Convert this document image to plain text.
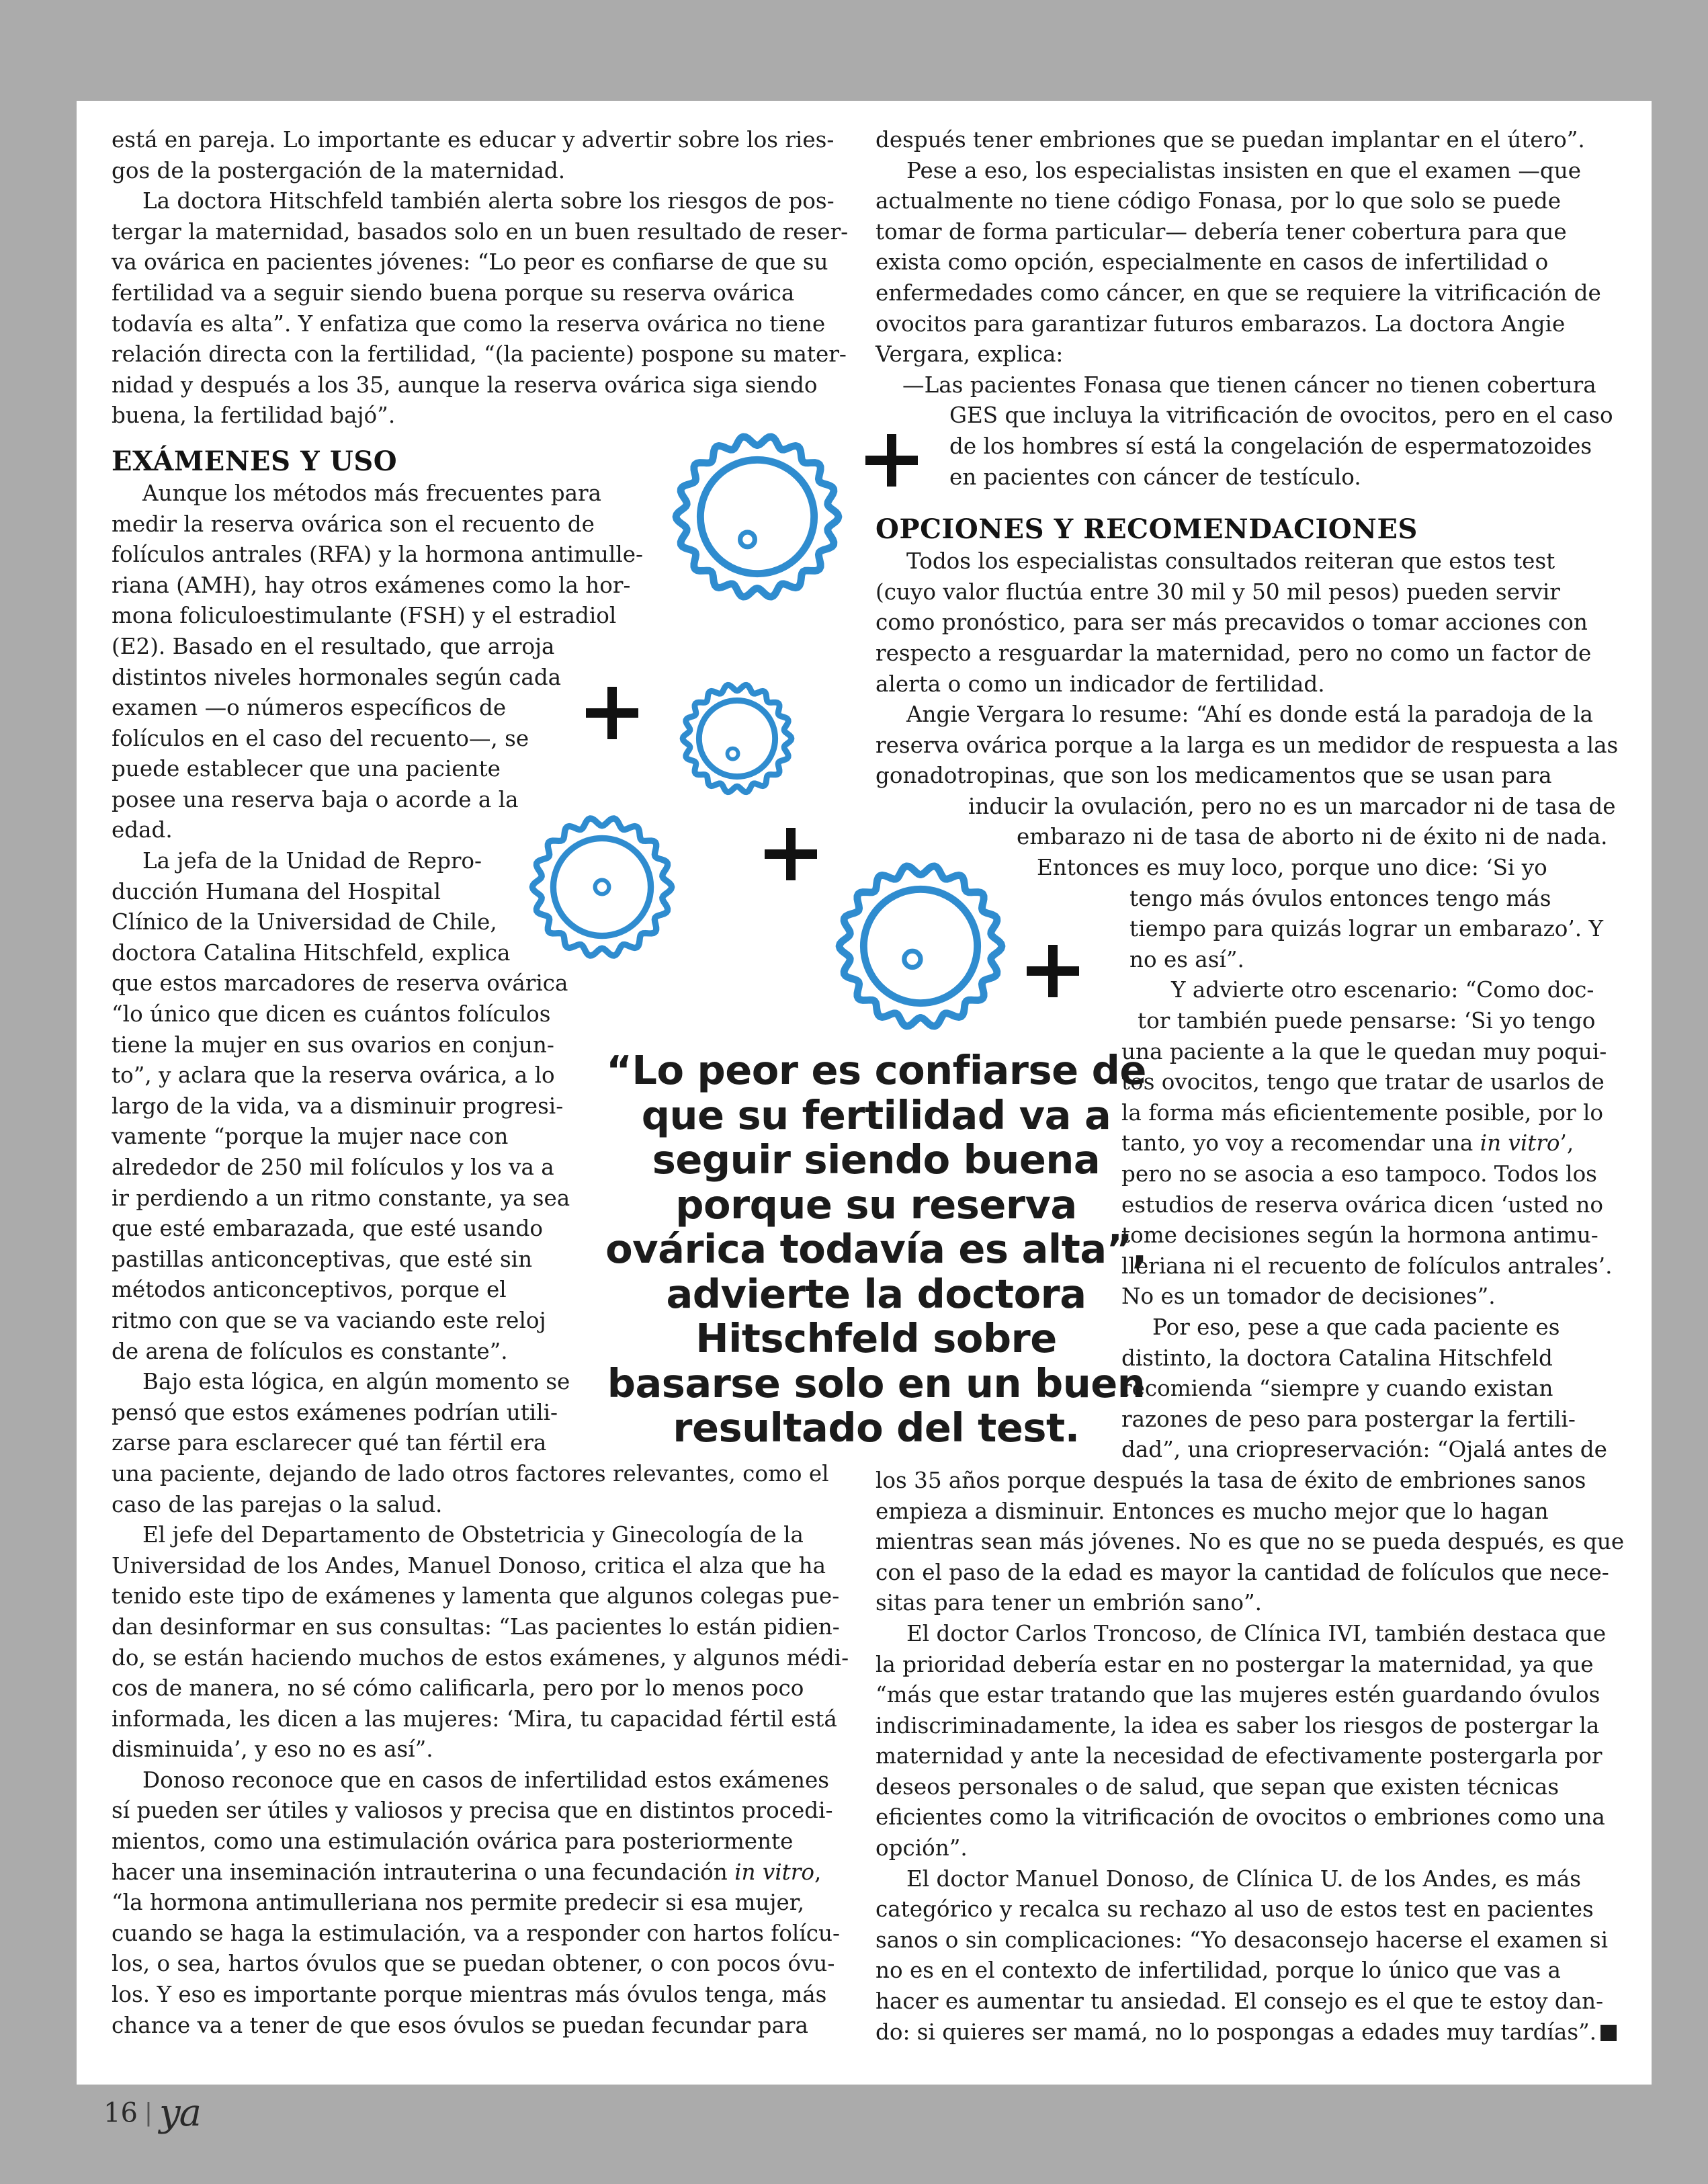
está en pareja. Lo importante es educar y advertir sobre los ries-
gos de la postergación de la maternidad.
La doctora Hitschfeld también alerta sobre los riesgos de pos-
tergar la maternidad, basados solo en un buen resultado de reser-
va ovárica en pacientes jóvenes: “Lo peor es confiarse de que su
fertilidad va a seguir siendo buena porque su reserva ovárica
todavía es alta”. Y enfatiza que como la reserva ovárica no tiene
relación directa con la fertilidad, “(la paciente) pospone su mater-
nidad y después a los 35, aunque la reserva ovárica siga siendo
buena, la fertilidad bajó”.
EXÁMENES Y USO
Aunque los métodos más frecuentes para
medir la reserva ovárica son el recuento de
folículos antrales (RFA) y la hormona antimulle-
riana (AMH), hay otros exámenes como la hor-
mona foliculoestimulante (FSH) y el estradiol
(E2). Basado en el resultado, que arroja
distintos niveles hormonales según cada
examen —o números específicos de
folículos en el caso del recuento—, se
puede establecer que una paciente
posee una reserva baja o acorde a la
edad.
La jefa de la Unidad de Repro-
ducción Humana del Hospital
Clínico de la Universidad de Chile,
doctora Catalina Hitschfeld, explica
que estos marcadores de reserva ovárica
“lo único que dicen es cuántos folículos
tiene la mujer en sus ovarios en conjun-
to”, y aclara que la reserva ovárica, a lo
largo de la vida, va a disminuir progresi-
vamente “porque la mujer nace con
alrededor de 250 mil folículos y los va a
ir perdiendo a un ritmo constante, ya sea
que esté embarazada, que esté usando
pastillas anticonceptivas, que esté sin
métodos anticonceptivos, porque el
ritmo con que se va vaciando este reloj
de arena de folículos es constante”.
Bajo esta lógica, en algún momento se
pensó que estos exámenes podrían utili-
zarse para esclarecer qué tan fértil era
una paciente, dejando de lado otros factores relevantes, como el
caso de las parejas o la salud.
El jefe del Departamento de Obstetricia y Ginecología de la
Universidad de los Andes, Manuel Donoso, critica el alza que ha
tenido este tipo de exámenes y lamenta que algunos colegas pue-
dan desinformar en sus consultas: “Las pacientes lo están pidien-
do, se están haciendo muchos de estos exámenes, y algunos médi-
cos de manera, no sé cómo calificarla, pero por lo menos poco
informada, les dicen a las mujeres: ‘Mira, tu capacidad fértil está
disminuida’, y eso no es así”.
Donoso reconoce que en casos de infertilidad estos exámenes
sí pueden ser útiles y valiosos y precisa que en distintos procedi-
mientos, como una estimulación ovárica para posteriormente
hacer una inseminación intrauterina o una fecundación in vitro,
“la hormona antimulleriana nos permite predecir si esa mujer,
cuando se haga la estimulación, va a responder con hartos folícu-
los, o sea, hartos óvulos que se puedan obtener, o con pocos óvu-
los. Y eso es importante porque mientras más óvulos tenga, más
chance va a tener de que esos óvulos se puedan fecundar para
después tener embriones que se puedan implantar en el útero”.
Pese a eso, los especialistas insisten en que el examen —que
actualmente no tiene código Fonasa, por lo que solo se puede
tomar de forma particular— debería tener cobertura para que
exista como opción, especialmente en casos de infertilidad o
enfermedades como cáncer, en que se requiere la vitrificación de
ovocitos para garantizar futuros embarazos. La doctora Angie
Vergara, explica:
—Las pacientes Fonasa que tienen cáncer no tienen cobertura
GES que incluya la vitrificación de ovocitos, pero en el caso
de los hombres sí está la congelación de espermatozoides
en pacientes con cáncer de testículo.
OPCIONES Y RECOMENDACIONES
Todos los especialistas consultados reiteran que estos test
(cuyo valor fluctúa entre 30 mil y 50 mil pesos) pueden servir
como pronóstico, para ser más precavidos o tomar acciones con
respecto a resguardar la maternidad, pero no como un factor de
alerta o como un indicador de fertilidad.
Angie Vergara lo resume: “Ahí es donde está la paradoja de la
reserva ovárica porque a la larga es un medidor de respuesta a las
gonadotropinas, que son los medicamentos que se usan para
inducir la ovulación, pero no es un marcador ni de tasa de
embarazo ni de tasa de aborto ni de éxito ni de nada.
Entonces es muy loco, porque uno dice: ‘Si yo
tengo más óvulos entonces tengo más
tiempo para quizás lograr un embarazo’. Y
no es así”.
Y advierte otro escenario: “Como doc-
tor también puede pensarse: ‘Si yo tengo
una paciente a la que le quedan muy poqui-
tos ovocitos, tengo que tratar de usarlos de
la forma más eficientemente posible, por lo
tanto, yo voy a recomendar una in vitro’,
pero no se asocia a eso tampoco. Todos los
estudios de reserva ovárica dicen ‘usted no
tome decisiones según la hormona antimu-
lleriana ni el recuento de folículos antrales’.
No es un tomador de decisiones”.
Por eso, pese a que cada paciente es
distinto, la doctora Catalina Hitschfeld
recomienda “siempre y cuando existan
razones de peso para postergar la fertili-
dad”, una criopreservación: “Ojalá antes de
los 35 años porque después la tasa de éxito de embriones sanos
empieza a disminuir. Entonces es mucho mejor que lo hagan
mientras sean más jóvenes. No es que no se pueda después, es que
con el paso de la edad es mayor la cantidad de folículos que nece-
sitas para tener un embrión sano”.
El doctor Carlos Troncoso, de Clínica IVI, también destaca que
la prioridad debería estar en no postergar la maternidad, ya que
“más que estar tratando que las mujeres estén guardando óvulos
indiscriminadamente, la idea es saber los riesgos de postergar la
maternidad y ante la necesidad de efectivamente postergarla por
deseos personales o de salud, que sepan que existen técnicas
eficientes como la vitrificación de ovocitos o embriones como una
opción”.
El doctor Manuel Donoso, de Clínica U. de los Andes, es más
categórico y recalca su rechazo al uso de estos test en pacientes
sanos o sin complicaciones: “Yo desaconsejo hacerse el examen si
no es en el contexto de infertilidad, porque lo único que vas a
hacer es aumentar tu ansiedad. El consejo es el que te estoy dan-
do: si quieres ser mamá, no lo pospongas a edades muy tardías”.
“Lo peor es confiarse de
que su fertilidad va a
seguir siendo buena
porque su reserva
ovárica todavía es alta”,
advierte la doctora
Hitschfeld sobre
basarse solo en un buen
resultado del test.
16 | ya
